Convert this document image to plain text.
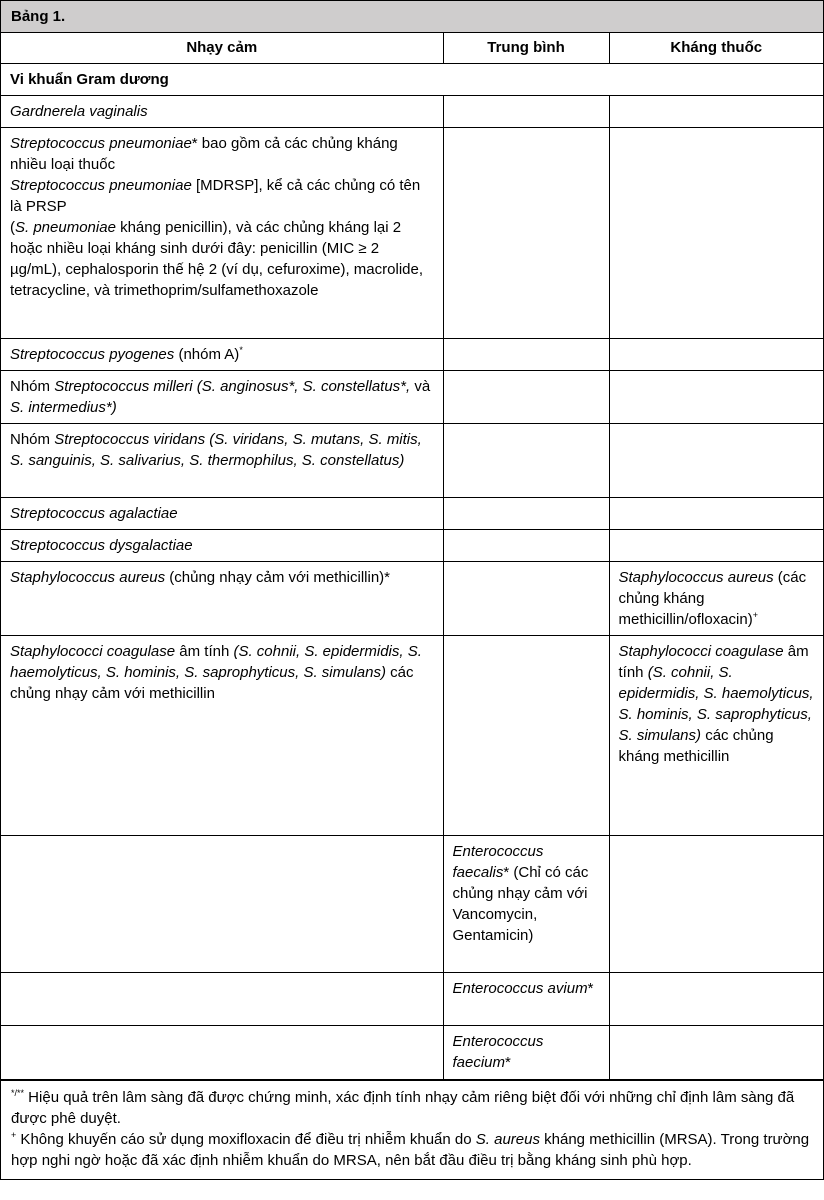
Bảng 1.
Nhạy cảm	Trung bình	Kháng thuốc
Vi khuẩn Gram dương		
Gardnerela vaginalis		
Streptococcus pneumoniae* bao gồm cả các chủng kháng nhiều loại thuốc
Streptococcus pneumoniae [MDRSP], kể cả các chủng có tên là PRSP
(S. pneumoniae kháng penicillin), và các chủng kháng lại 2 hoặc nhiều loại kháng sinh dưới đây: penicillin (MIC ≥ 2 µg/mL), cephalosporin thế hệ 2 (ví dụ, cefuroxime), macrolide, tetracycline, và trimethoprim/sulfamethoxazole		
Streptococcus pyogenes (nhóm A)*		
Nhóm Streptococcus milleri (S. anginosus*, S. constellatus*, và S. intermedius*)		
Nhóm Streptococcus viridans (S. viridans, S. mutans, S. mitis, S. sanguinis, S. salivarius, S. thermophilus, S. constellatus)		
Streptococcus agalactiae		
Streptococcus dysgalactiae		
Staphylococcus aureus (chủng nhạy cảm với methicillin)*		Staphylococcus aureus (các chủng kháng methicillin/ofloxacin)+
Staphylococci coagulase âm tính (S. cohnii, S. epidermidis, S. haemolyticus, S. hominis, S. saprophyticus, S. simulans) các chủng nhạy cảm với methicillin		Staphylococci coagulase âm tính (S. cohnii, S. epidermidis, S. haemolyticus, S. hominis, S. saprophyticus, S. simulans) các chủng kháng methicillin
	Enterococcus faecalis* (Chỉ có các chủng nhạy cảm với Vancomycin, Gentamicin)	
	Enterococcus avium*	
	Enterococcus faecium*	

*/** Hiệu quả trên lâm sàng đã được chứng minh, xác định tính nhạy cảm riêng biệt đối với những chỉ định lâm sàng đã được phê duyệt.

+ Không khuyến cáo sử dụng moxifloxacin để điều trị nhiễm khuẩn do S. aureus kháng methicillin (MRSA). Trong trường hợp nghi ngờ hoặc đã xác định nhiễm khuẩn do MRSA, nên bắt đầu điều trị bằng kháng sinh phù hợp.
